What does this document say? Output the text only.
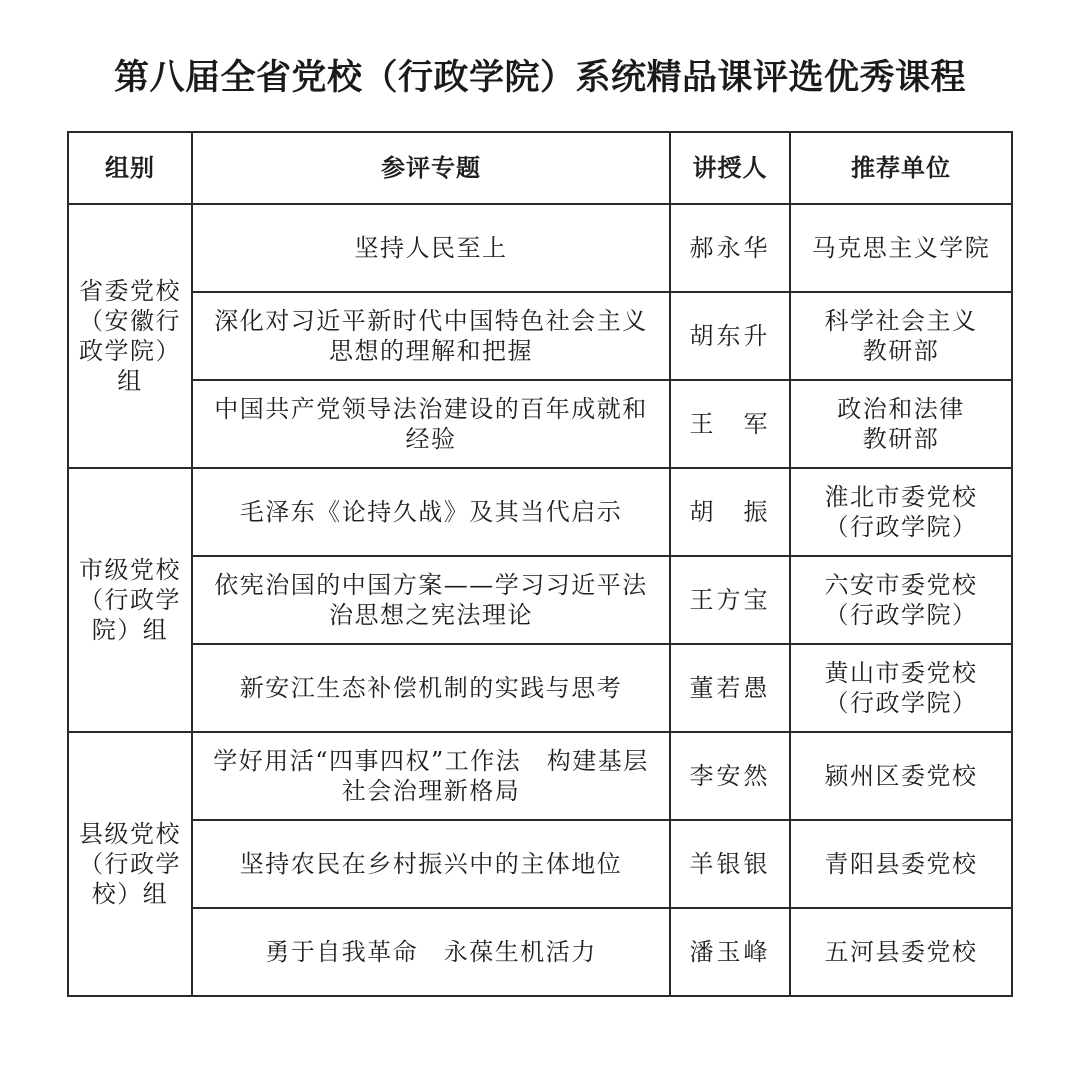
第八届全省党校（行政学院）系统精品课评选优秀课程
组别	参评专题	讲授人	推荐单位
省委党校（安徽行政学院）组	坚持人民至上	郝永华	马克思主义学院
	深化对习近平新时代中国特色社会主义思想的理解和把握	胡东升	科学社会主义教研部
	中国共产党领导法治建设的百年成就和经验	王　军	政治和法律教研部
市级党校（行政学院）组	毛泽东《论持久战》及其当代启示	胡　振	淮北市委党校（行政学院）
	依宪治国的中国方案——学习习近平法治思想之宪法理论	王方宝	六安市委党校（行政学院）
	新安江生态补偿机制的实践与思考	董若愚	黄山市委党校（行政学院）
县级党校（行政学校）组	学好用活“四事四权”工作法　构建基层社会治理新格局	李安然	颍州区委党校
	坚持农民在乡村振兴中的主体地位	羊银银	青阳县委党校
	勇于自我革命　永葆生机活力	潘玉峰	五河县委党校
